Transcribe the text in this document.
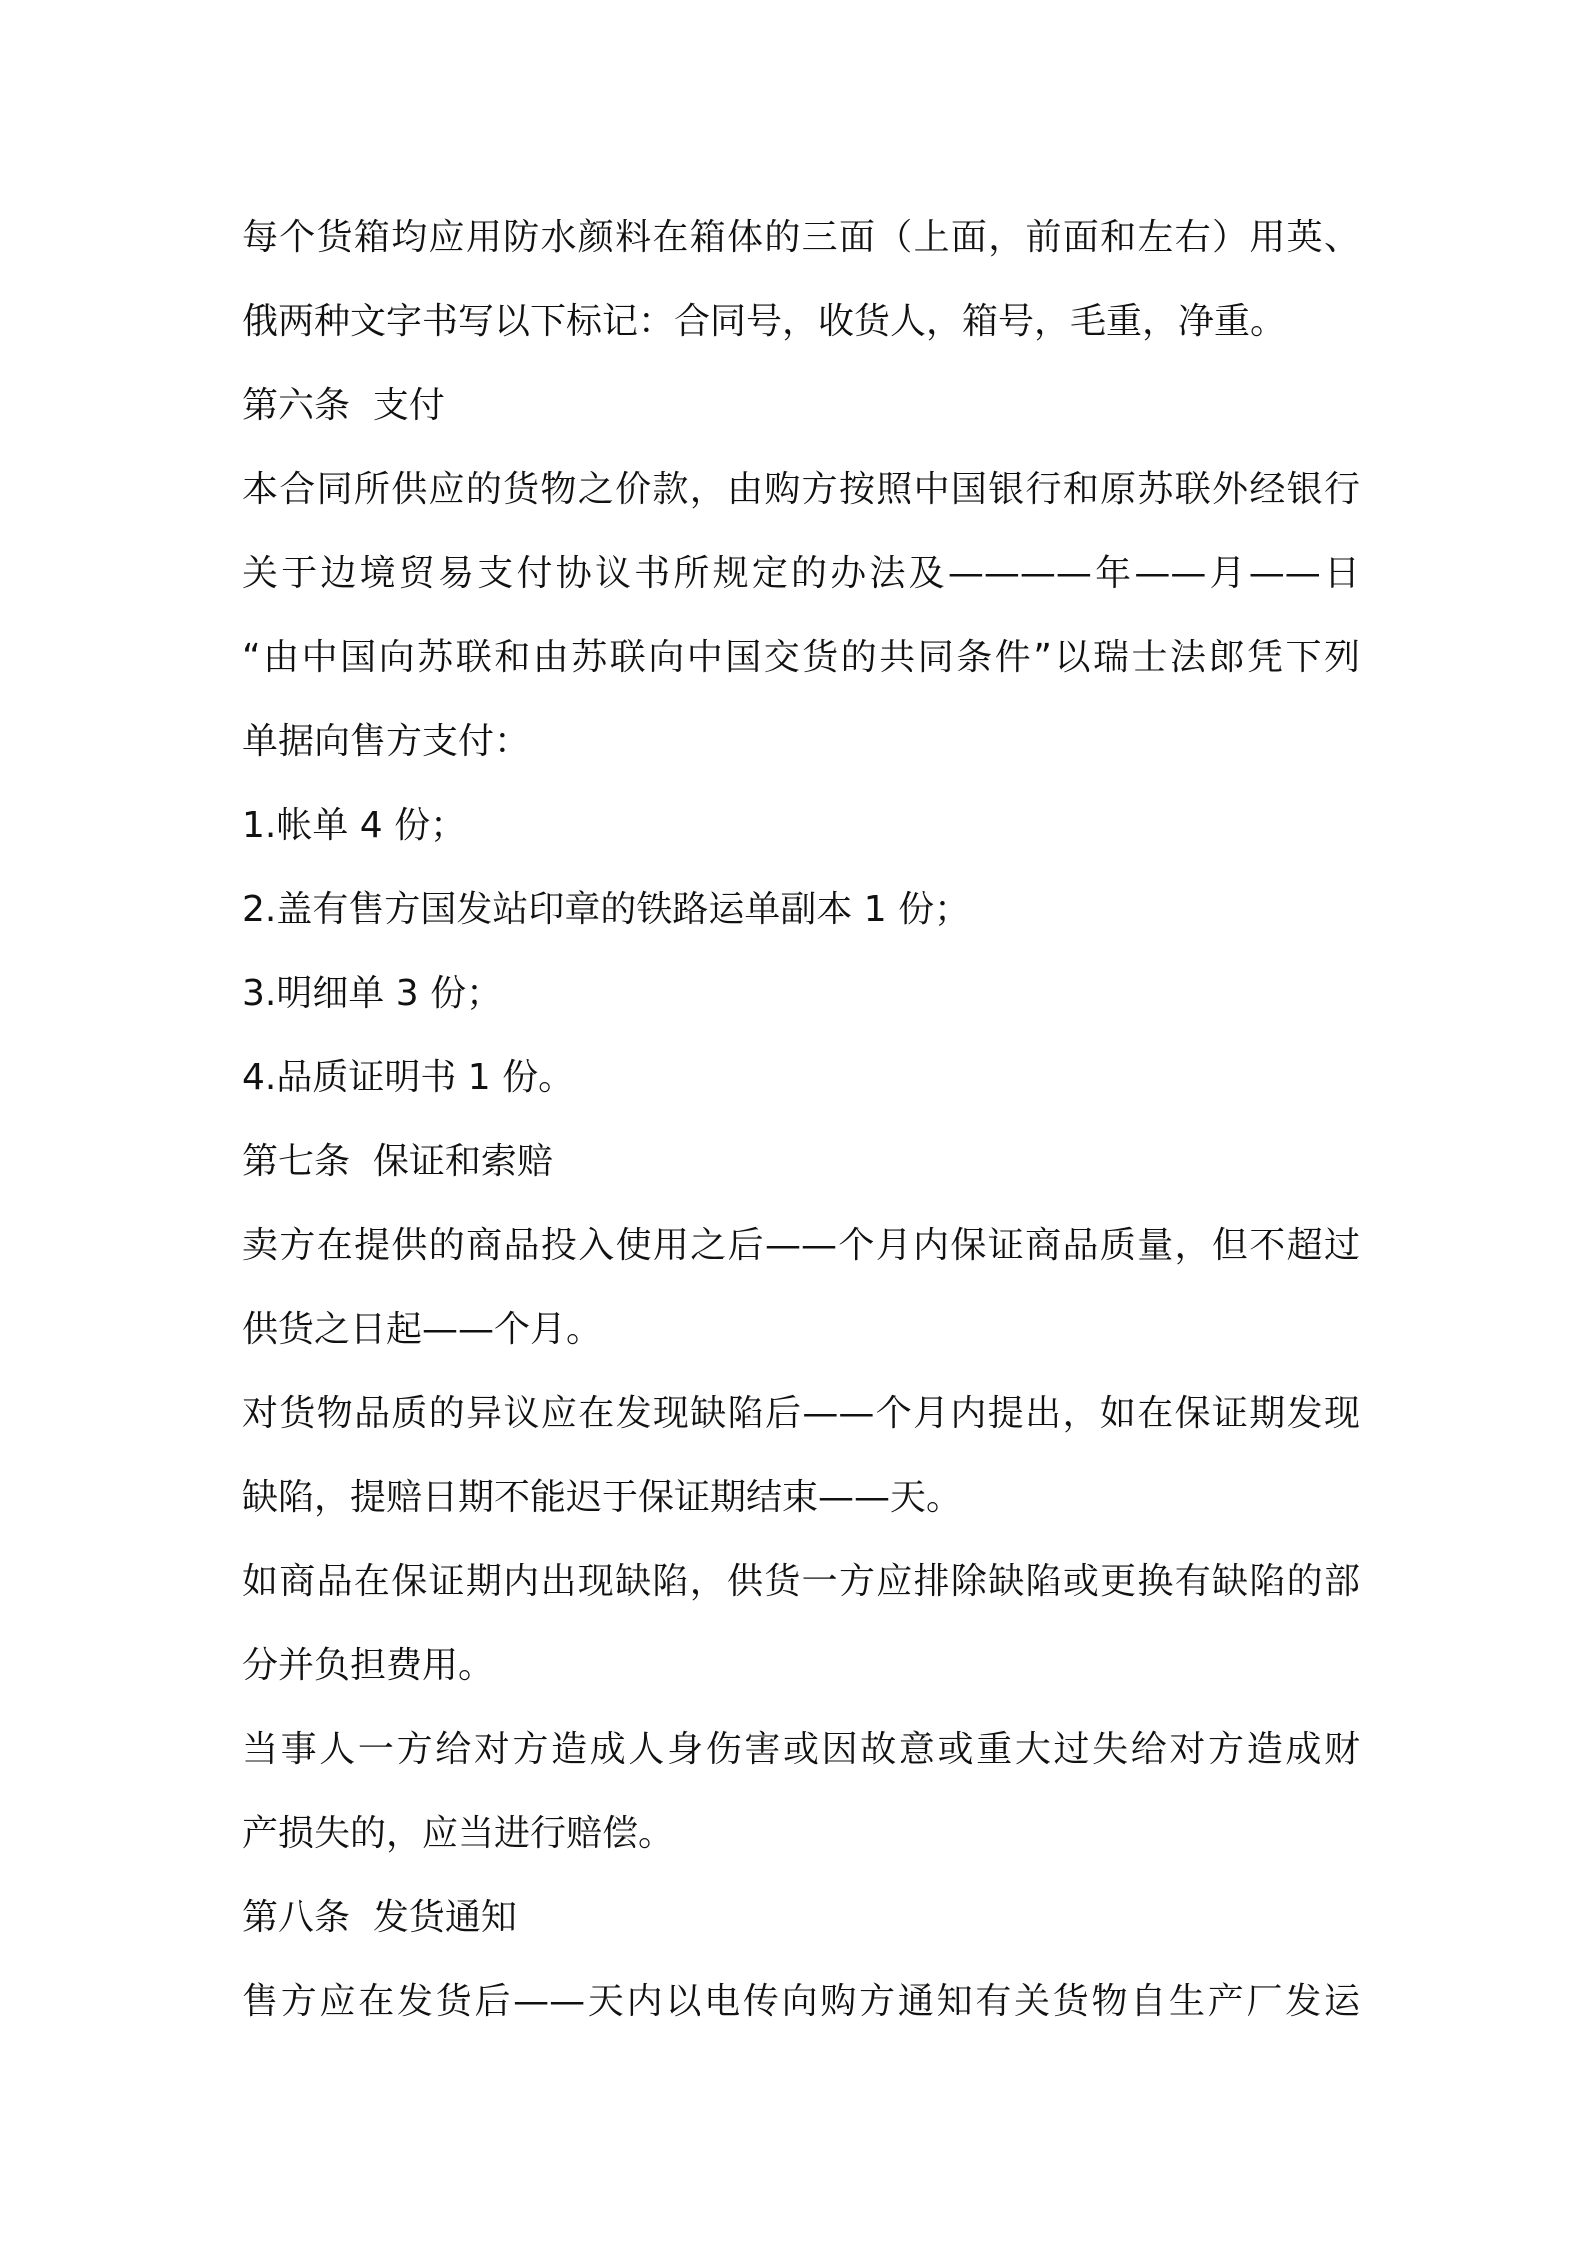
每个货箱均应用防水颜料在箱体的三面（上面，前面和左右）用英、
俄两种文字书写以下标记：合同号，收货人，箱号，毛重，净重。
第六条  支付
本合同所供应的货物之价款，由购方按照中国银行和原苏联外经银行
关于边境贸易支付协议书所规定的办法及————年——月——日
“由中国向苏联和由苏联向中国交货的共同条件”以瑞士法郎凭下列
单据向售方支付：
1.帐单 4 份；
2.盖有售方国发站印章的铁路运单副本 1 份；
3.明细单 3 份；
4.品质证明书 1 份。
第七条  保证和索赔
卖方在提供的商品投入使用之后——个月内保证商品质量，但不超过
供货之日起——个月。
对货物品质的异议应在发现缺陷后——个月内提出，如在保证期发现
缺陷，提赔日期不能迟于保证期结束——天。
如商品在保证期内出现缺陷，供货一方应排除缺陷或更换有缺陷的部
分并负担费用。
当事人一方给对方造成人身伤害或因故意或重大过失给对方造成财
产损失的，应当进行赔偿。
第八条  发货通知
售方应在发货后——天内以电传向购方通知有关货物自生产厂发运
